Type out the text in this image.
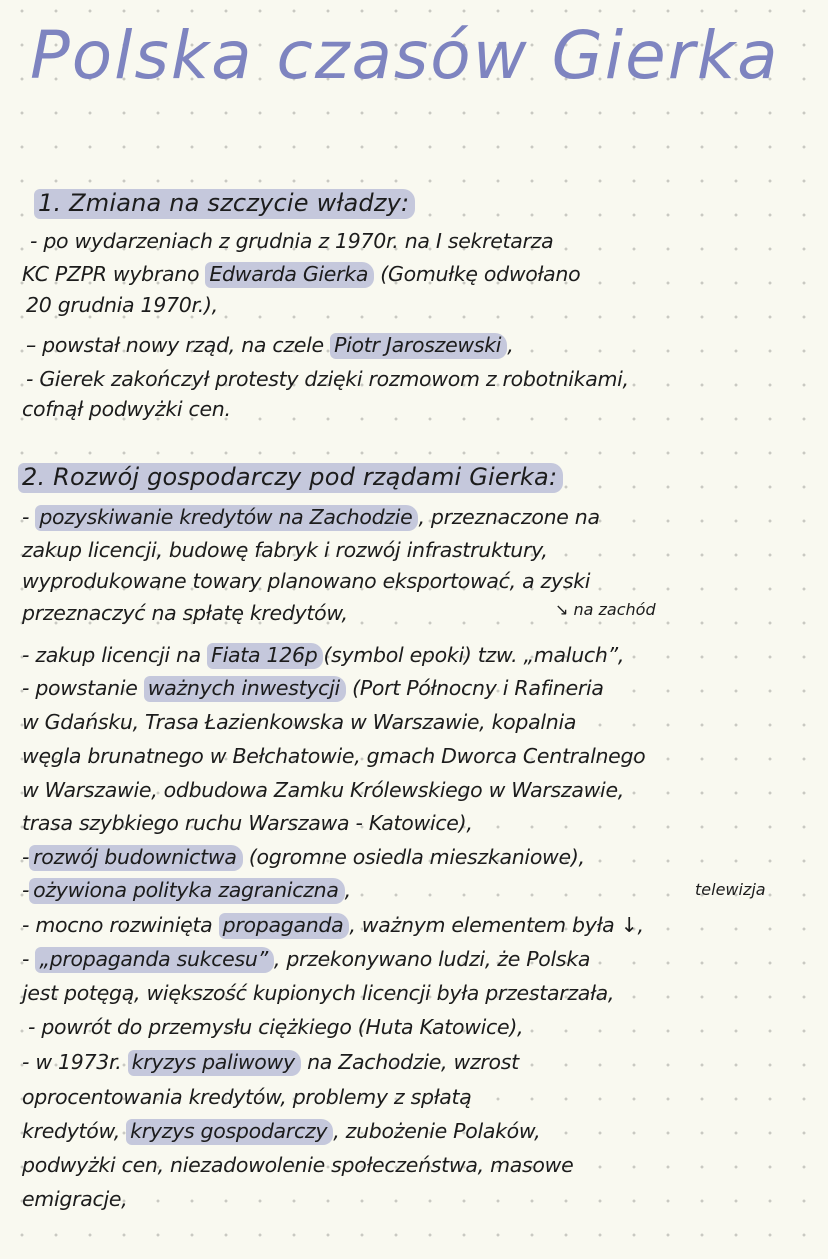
Polska czasów Gierka
1. Zmiana na szczycie władzy:
- po wydarzeniach z grudnia z 1970r. na I sekretarza
KC PZPR wybrano Edwarda Gierka (Gomułkę odwołano
20 grudnia 1970r.),
– powstał nowy rząd, na czele Piotr Jaroszewski ,
- Gierek zakończył protesty dzięki rozmowom z robotnikami,
cofnął podwyżki cen.
2. Rozwój gospodarczy pod rządami Gierka:
- pozyskiwanie kredytów na Zachodzie , przeznaczone na
zakup licencji, budowę fabryk i rozwój infrastruktury,
wyprodukowane towary planowano eksportować, a zyski
przeznaczyć na spłatę kredytów,	↘ na zachód
- zakup licencji na Fiata 126p (symbol epoki) tzw. „maluch”,
- powstanie ważnych inwestycji (Port Północny i Rafineria
w Gdańsku, Trasa Łazienkowska w Warszawie, kopalnia
węgla brunatnego w Bełchatowie, gmach Dworca Centralnego
w Warszawie, odbudowa Zamku Królewskiego w Warszawie,
trasa szybkiego ruchu Warszawa - Katowice),
- rozwój budownictwa (ogromne osiedla mieszkaniowe),
- ożywiona polityka zagraniczna ,	telewizja
- mocno rozwinięta propaganda , ważnym elementem była ↓,
- „propaganda sukcesu” , przekonywano ludzi, że Polska
jest potęgą, większość kupionych licencji była przestarzała,
- powrót do przemysłu ciężkiego (Huta Katowice),
- w 1973r. kryzys paliwowy na Zachodzie, wzrost
oprocentowania kredytów, problemy z spłatą
kredytów, kryzys gospodarczy , zubożenie Polaków,
podwyżki cen, niezadowolenie społeczeństwa, masowe
emigracje,
